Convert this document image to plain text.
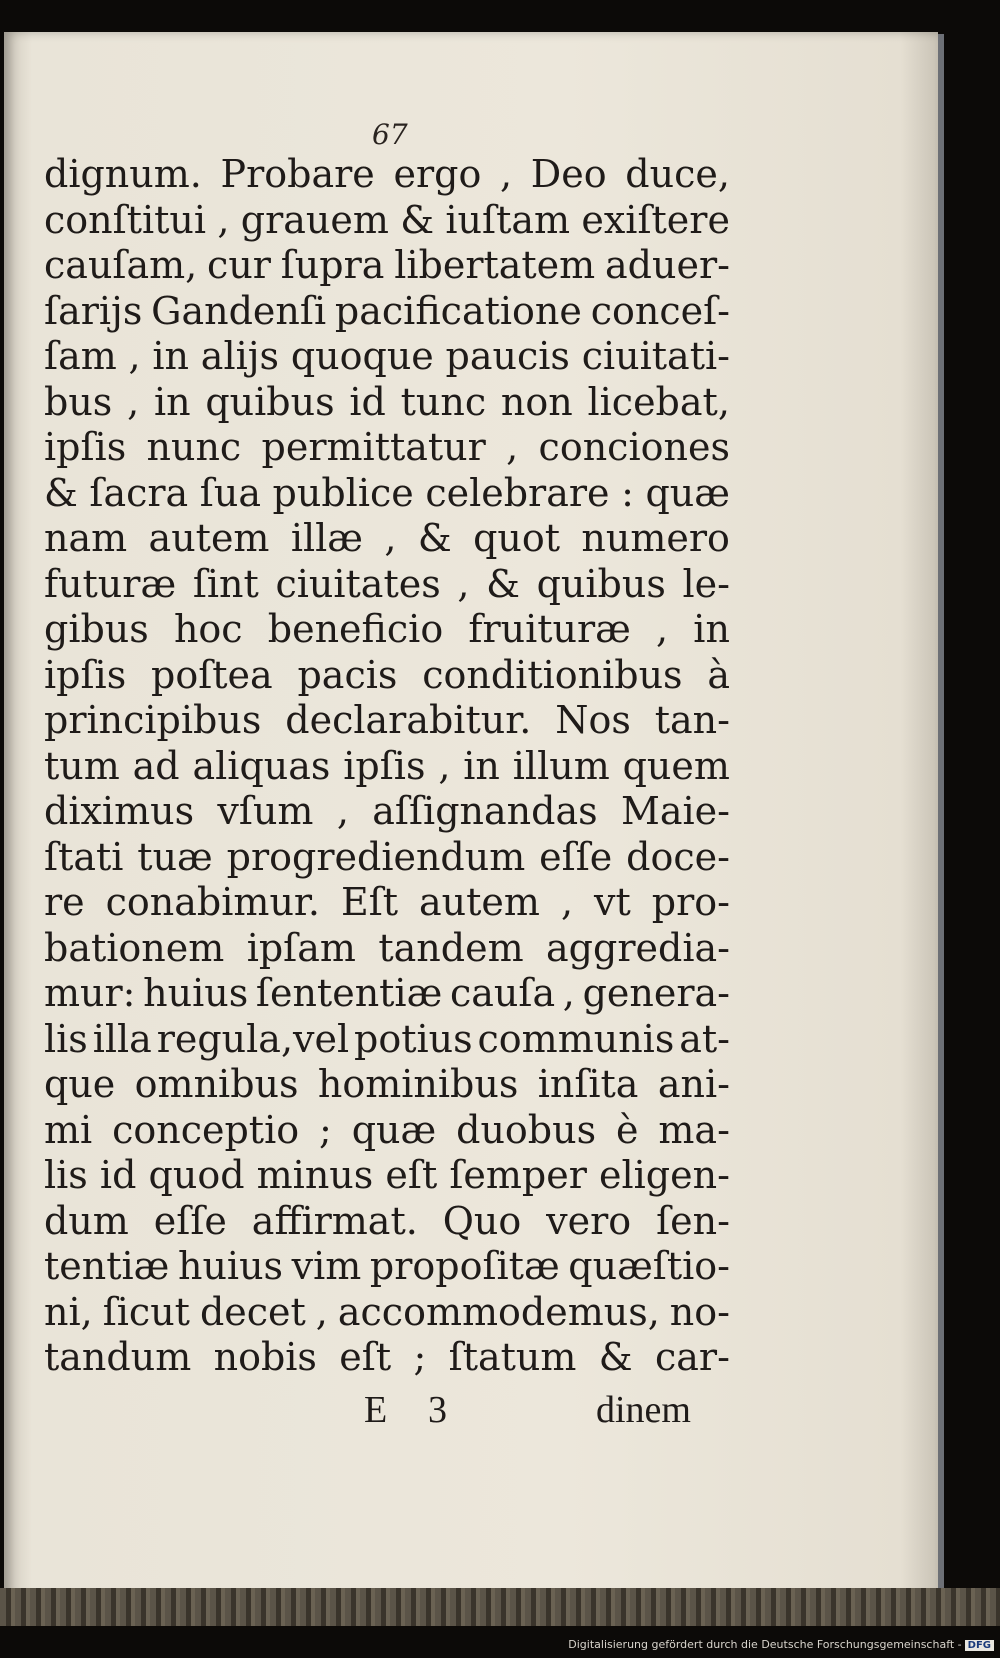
67
dignum. Probare ergo , Deo duce,
conſtitui , grauem & iuſtam exiſtere
cauſam, cur ſupra libertatem aduer-
ſarijs Gandenſi pacificatione conceſ-
ſam , in alijs quoque paucis ciuitati-
bus , in quibus id tunc non licebat,
ipſis nunc permittatur , conciones
& ſacra ſua publice celebrare : quæ
nam autem illæ , & quot numero
futuræ ſint ciuitates , & quibus le-
gibus hoc beneficio fruituræ , in
ipſis poſtea pacis conditionibus à
principibus declarabitur. Nos tan-
tum ad aliquas ipſis , in illum quem
diximus vſum , aſſignandas Maie-
ſtati tuæ progrediendum eſſe doce-
re conabimur. Eſt autem , vt pro-
bationem ipſam tandem aggredia-
mur: huius ſententiæ cauſa , genera-
lis illa regula,vel potius communis at-
que omnibus hominibus inſita ani-
mi conceptio ; quæ duobus è ma-
lis id quod minus eſt ſemper eligen-
dum eſſe affirmat. Quo vero ſen-
tentiæ huius vim propoſitæ quæſtio-
ni, ſicut decet , accommodemus, no-
tandum nobis eſt ; ſtatum & car-
E 3	dinem
Digitalisierung gefördert durch die Deutsche Forschungsgemeinschaft - DFG
